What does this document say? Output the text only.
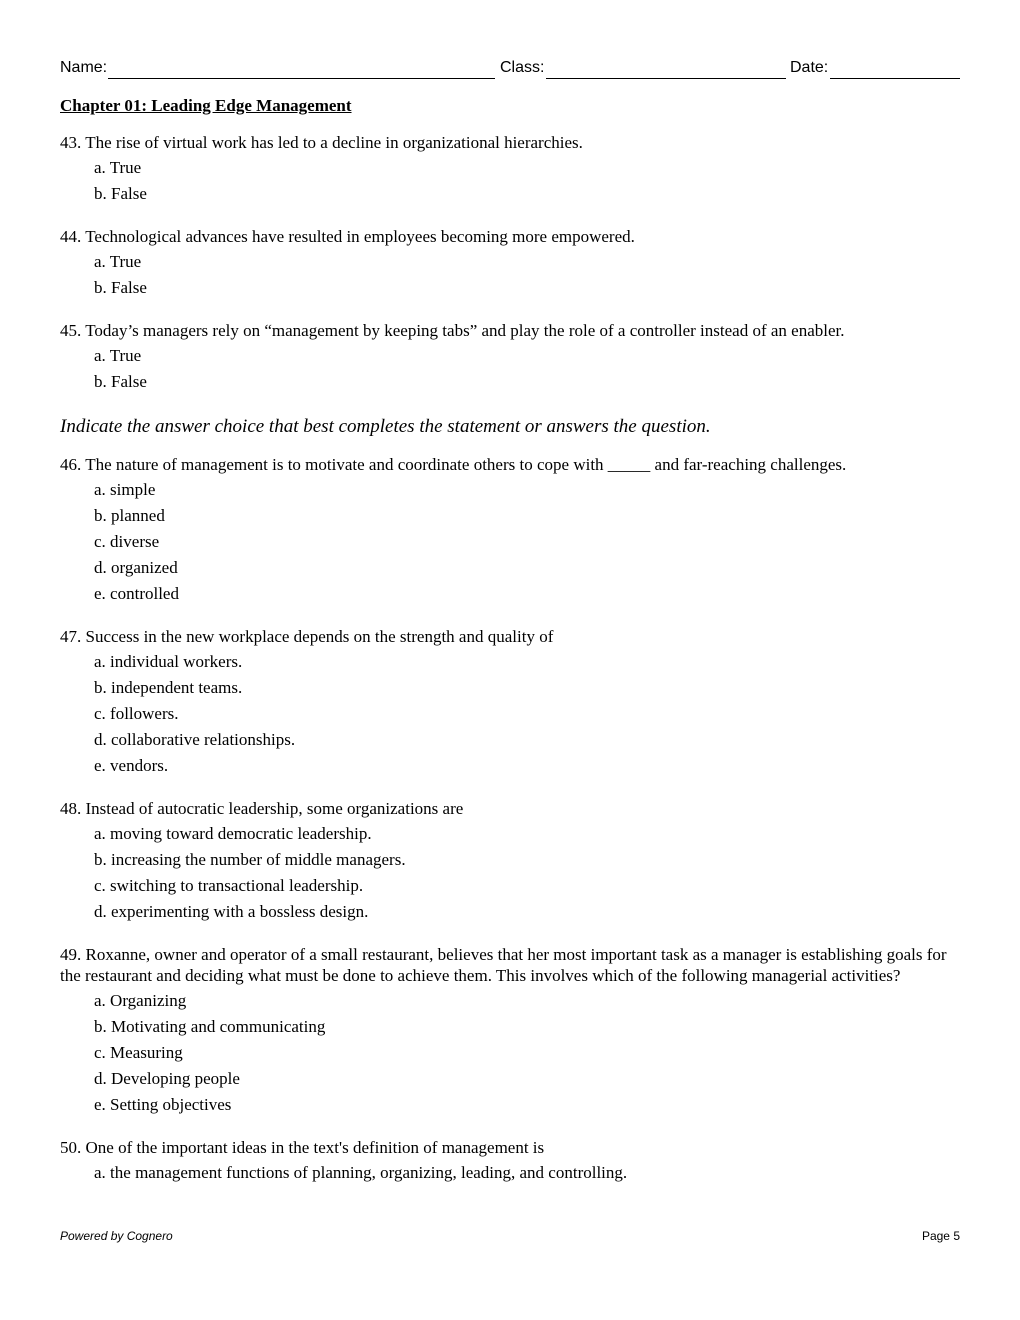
Name:	Class:	Date:
Chapter 01: Leading Edge Management
43. The rise of virtual work has led to a decline in organizational hierarchies.
a. True
b. False
44. Technological advances have resulted in employees becoming more empowered.
a. True
b. False
45. Today’s managers rely on “management by keeping tabs” and play the role of a controller instead of an enabler.
a. True
b. False
Indicate the answer choice that best completes the statement or answers the question.
46. The nature of management is to motivate and coordinate others to cope with _____ and far-reaching challenges.
a. simple
b. planned
c. diverse
d. organized
e. controlled
47. Success in the new workplace depends on the strength and quality of
a. individual workers.
b. independent teams.
c. followers.
d. collaborative relationships.
e. vendors.
48. Instead of autocratic leadership, some organizations are
a. moving toward democratic leadership.
b. increasing the number of middle managers.
c. switching to transactional leadership.
d. experimenting with a bossless design.
49. Roxanne, owner and operator of a small restaurant, believes that her most important task as a manager is establishing goals for the restaurant and deciding what must be done to achieve them. This involves which of the following managerial activities?
a. Organizing
b. Motivating and communicating
c. Measuring
d. Developing people
e. Setting objectives
50. One of the important ideas in the text's definition of management is
a. the management functions of planning, organizing, leading, and controlling.
Powered by Cognero	Page 5
